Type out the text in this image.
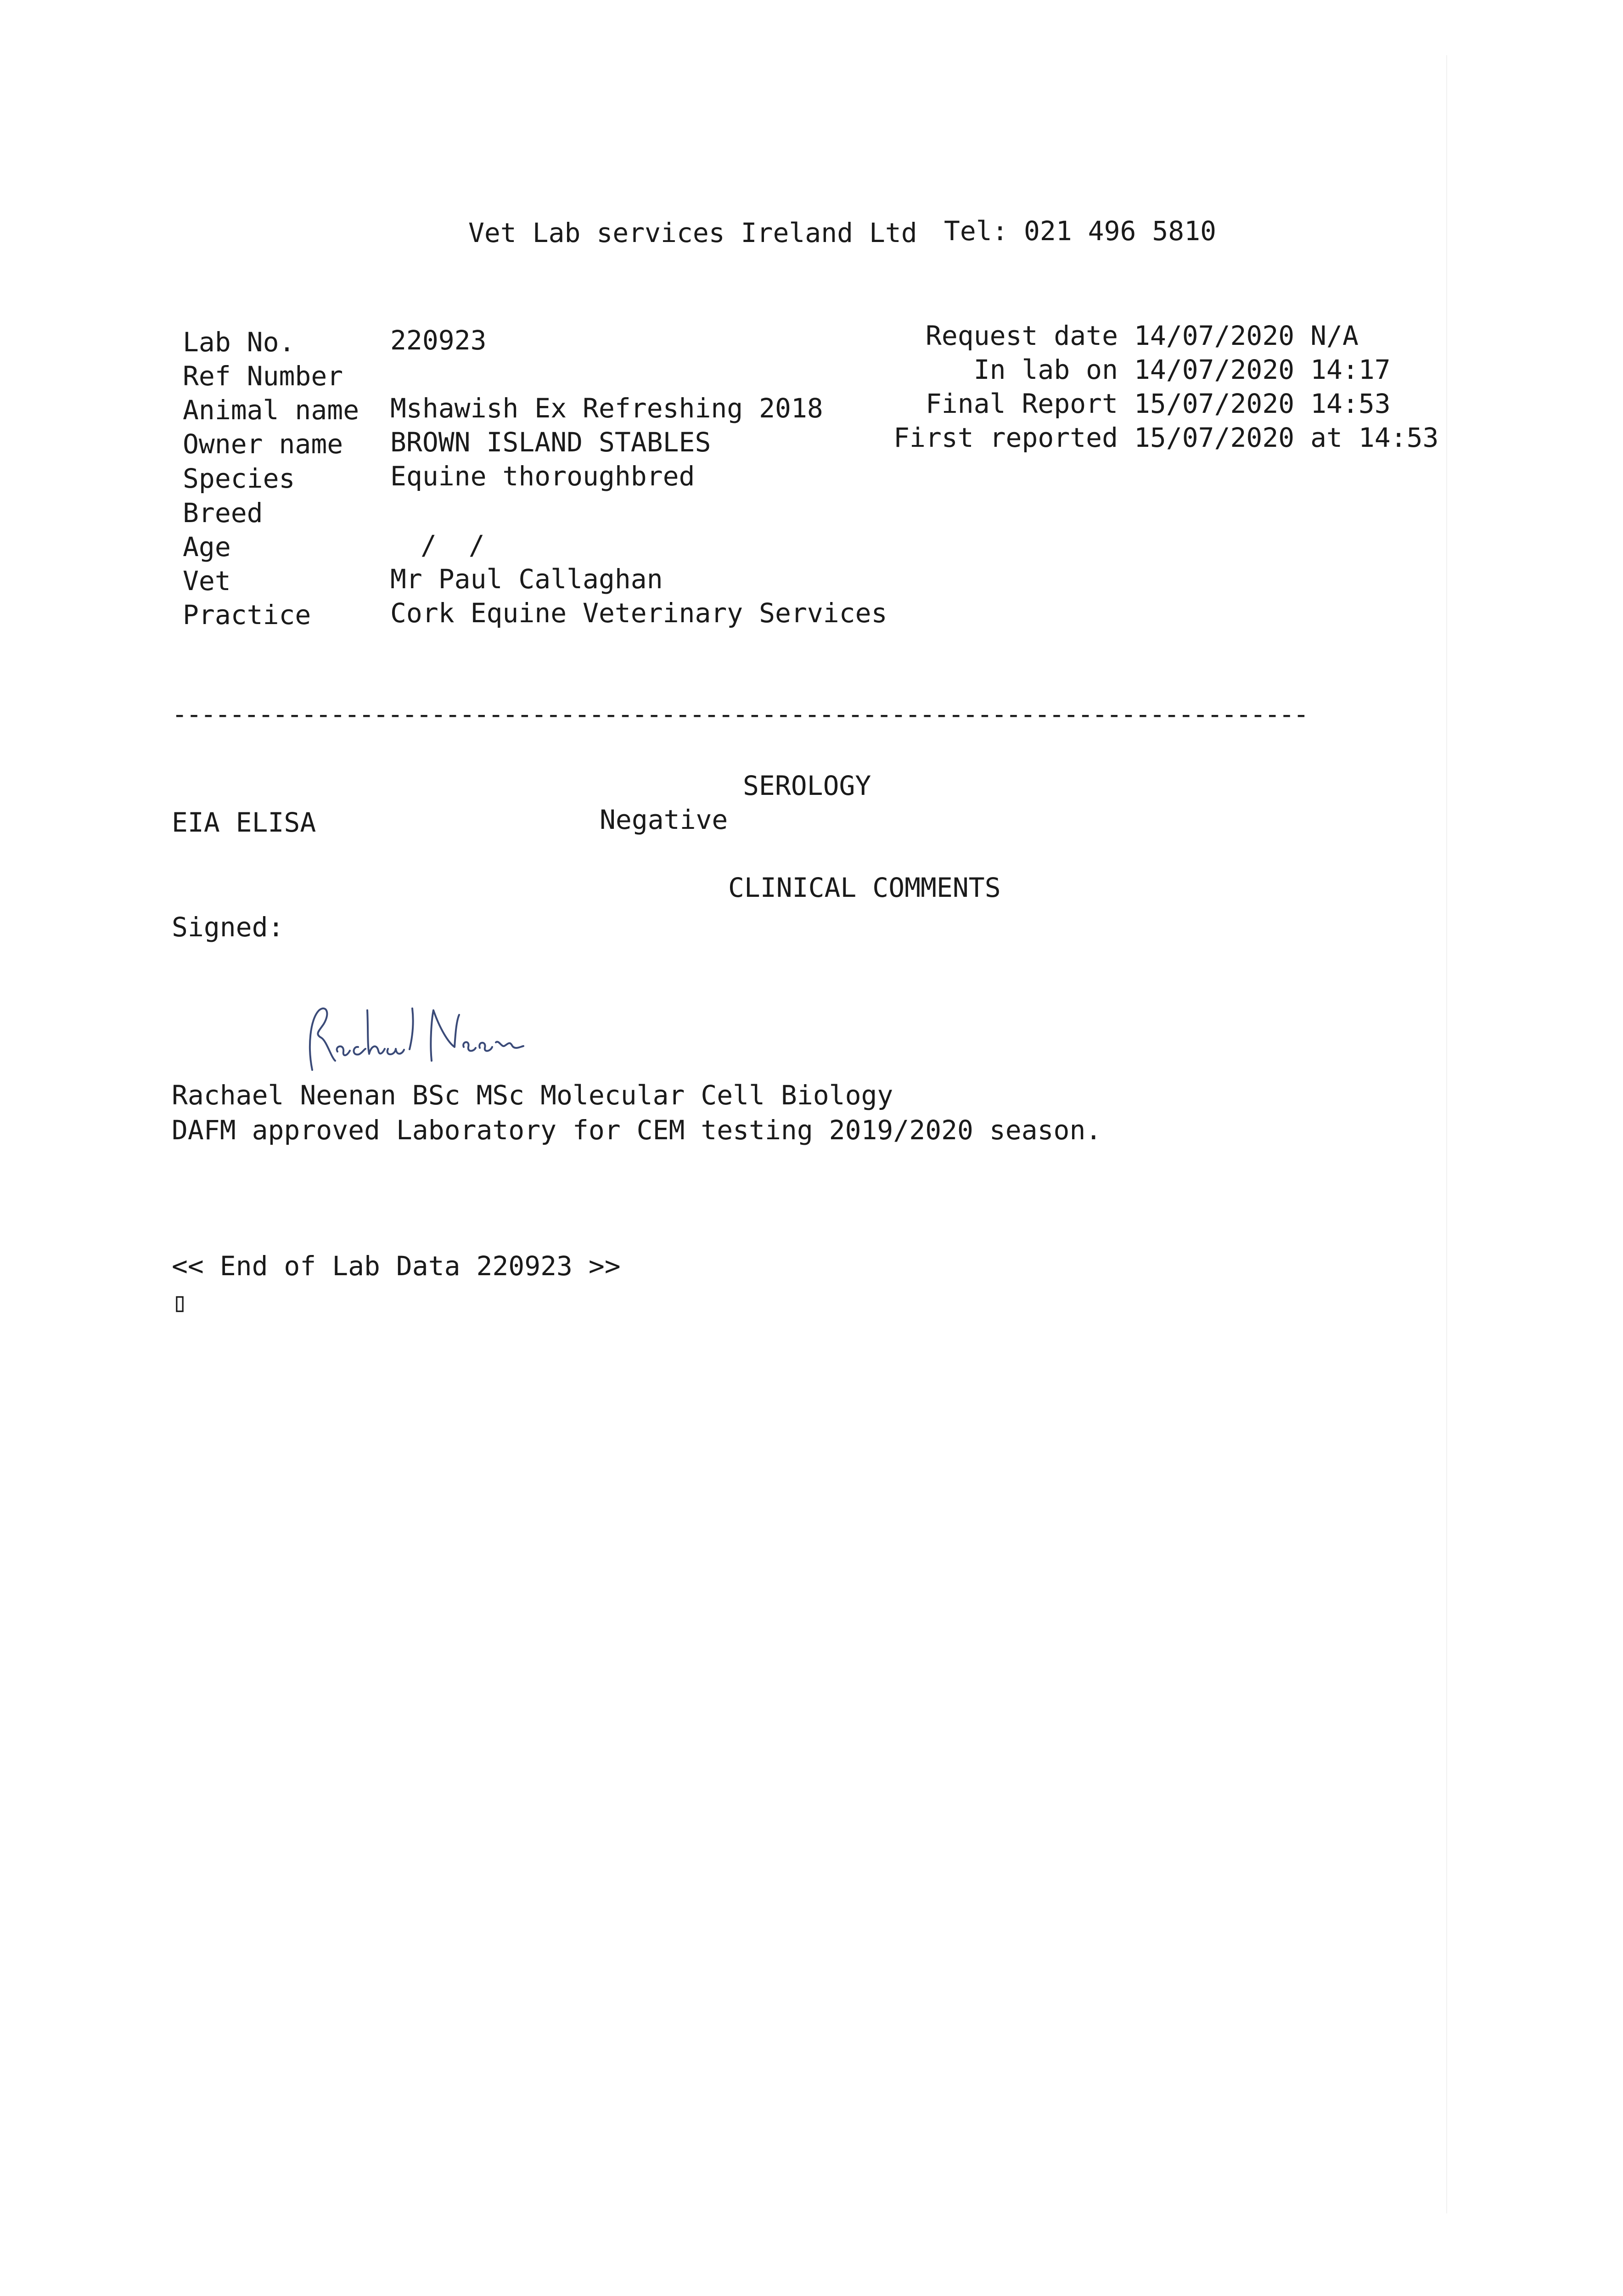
Vet Lab services Ireland Ltd Tel: 021 496 5810
Lab No.
Ref Number
Animal name
Owner name
Species
Breed
Age
Vet
Practice
220923
Mshawish Ex Refreshing 2018
BROWN ISLAND STABLES
Equine thoroughbred
/  /
Mr Paul Callaghan
Cork Equine Veterinary Services
Request date
In lab on
Final Report
First reported
14/07/2020 N/A
14/07/2020 14:17
15/07/2020 14:53
15/07/2020 at 14:53
-------------------------------------------------------------------------------
SEROLOGY
EIA ELISA	Negative
CLINICAL COMMENTS
Signed:
Rachael Neenan BSc MSc Molecular Cell Biology
DAFM approved Laboratory for CEM testing 2019/2020 season.
<< End of Lab Data 220923 >>
▯
